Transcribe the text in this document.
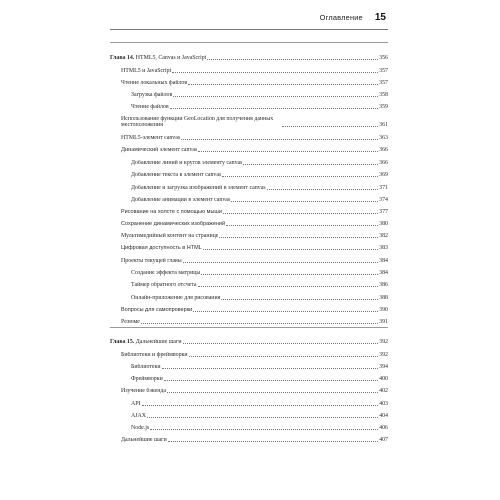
Оглавление 15
Глава 14. HTML5, Canvas и JavaScript	356
HTML5 и JavaScript	357
Чтение локальных файлов	357
Загрузка файлов	358
Чтение файлов	359
Использование функции GeoLocation для получения данных местоположения	361
HTML5-элемент canvas	363
Динамический элемент canvas	366
Добавление линий и кругов элементу canvas	366
Добавление текста в элемент canvas	369
Добавление и загрузка изображений в элемент canvas	371
Добавление анимации в элемент canvas	374
Рисование на холсте с помощью мыши	377
Сохранение динамических изображений	380
Мультимедийный контент на странице	382
Цифровая доступность в HTML	383
Проекты текущей главы	384
Создание эффекта матрицы	384
Таймер обратного отсчета	386
Онлайн-приложение для рисования	388
Вопросы для самопроверки	390
Резюме	391
Глава 15. Дальнейшие шаги	392
Библиотеки и фреймворки	392
Библиотеки	394
Фреймворки	400
Изучение бэкенда	402
API	403
AJAX	404
Node.js	406
Дальнейшие шаги	407
